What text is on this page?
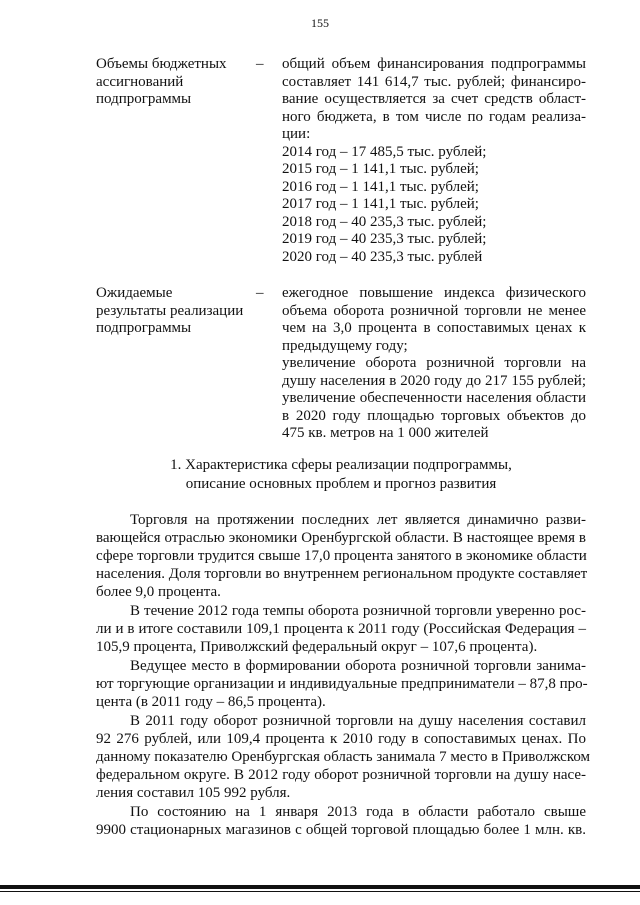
155
Объемы бюджетных
ассигнований
подпрограммы
– общий объем финансирования подпрограммы
составляет 141 614,7 тыс. рублей; финансиро-
вание осуществляется за счет средств област-
ного бюджета, в том числе по годам реализа-
ции:
2014 год – 17 485,5 тыс. рублей;
2015 год – 1 141,1 тыс. рублей;
2016 год – 1 141,1 тыс. рублей;
2017 год – 1 141,1 тыс. рублей;
2018 год – 40 235,3 тыс. рублей;
2019 год – 40 235,3 тыс. рублей;
2020 год – 40 235,3 тыс. рублей
Ожидаемые
результаты реализации
подпрограммы
– ежегодное повышение индекса физического
объема оборота розничной торговли не менее
чем на 3,0 процента в сопоставимых ценах к
предыдущему году;
увеличение оборота розничной торговли на
душу населения в 2020 году до 217 155 рублей;
увеличение обеспеченности населения области
в 2020 году площадью торговых объектов до
475 кв. метров на 1 000 жителей
1. Характеристика сферы реализации подпрограммы,
описание основных проблем и прогноз развития
Торговля на протяжении последних лет является динамично разви-
вающейся отраслью экономики Оренбургской области. В настоящее время в
сфере торговли трудится свыше 17,0 процента занятого в экономике области
населения. Доля торговли во внутреннем региональном продукте составляет
более 9,0 процента.
В течение 2012 года темпы оборота розничной торговли уверенно рос-
ли и в итоге составили 109,1 процента к 2011 году (Российская Федерация –
105,9 процента, Приволжский федеральный округ – 107,6 процента).
Ведущее место в формировании оборота розничной торговли занима-
ют торгующие организации и индивидуальные предприниматели – 87,8 про-
цента (в 2011 году – 86,5 процента).
В 2011 году оборот розничной торговли на душу населения составил
92 276 рублей, или 109,4 процента к 2010 году в сопоставимых ценах. По
данному показателю Оренбургская область занимала 7 место в Приволжском
федеральном округе. В 2012 году оборот розничной торговли на душу насе-
ления составил 105 992 рубля.
По состоянию на 1 января 2013 года в области работало свыше
9900 стационарных магазинов с общей торговой площадью более 1 млн. кв.
